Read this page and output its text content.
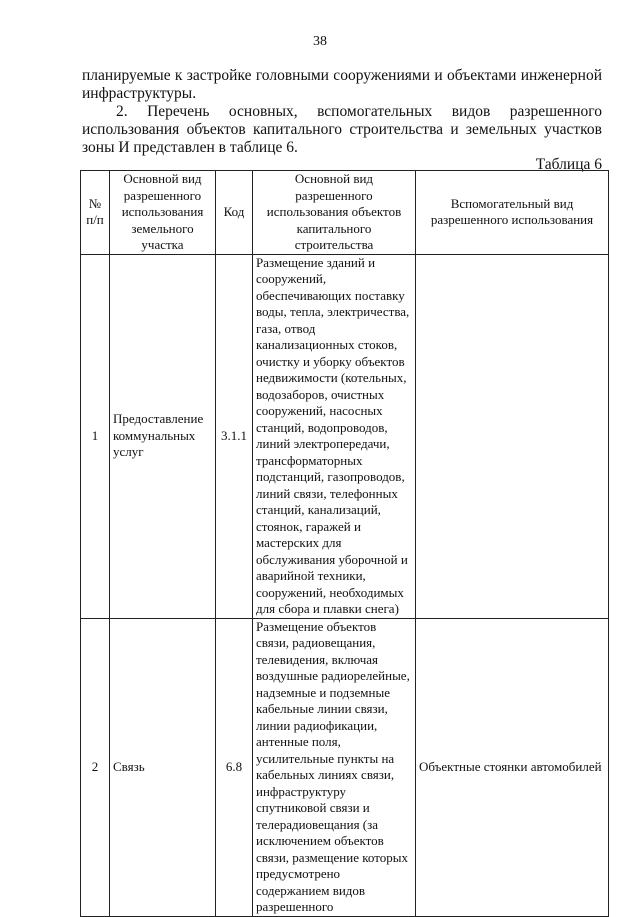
38
планируемые к застройке головными сооружениями и объектами инженерной
инфраструктуры.
2. Перечень основных, вспомогательных видов разрешенного
использования объектов капитального строительства и земельных участков
зоны И представлен в таблице 6.
Таблица 6
№ п/п	Основной вид разрешенного использования земельного участка	Код	Основной вид разрешенного использования объектов капитального строительства	Вспомогательный вид разрешенного использования
1	Предоставление коммунальных услуг	3.1.1	Размещение зданий и сооружений, обеспечивающих поставку воды, тепла, электричества, газа, отвод канализационных стоков, очистку и уборку объектов недвижимости (котельных, водозаборов, очистных сооружений, насосных станций, водопроводов, линий электропередачи, трансформаторных подстанций, газопроводов, линий связи, телефонных станций, канализаций, стоянок, гаражей и мастерских для обслуживания уборочной и аварийной техники, сооружений, необходимых для сбора и плавки снега)	
2	Связь	6.8	Размещение объектов связи, радиовещания, телевидения, включая воздушные радиорелейные, надземные и подземные кабельные линии связи, линии радиофикации, антенные поля, усилительные пункты на кабельных линиях связи, инфраструктуру спутниковой связи и телерадиовещания (за исключением объектов связи, размещение которых предусмотрено содержанием видов разрешенного	Объектные стоянки автомобилей
